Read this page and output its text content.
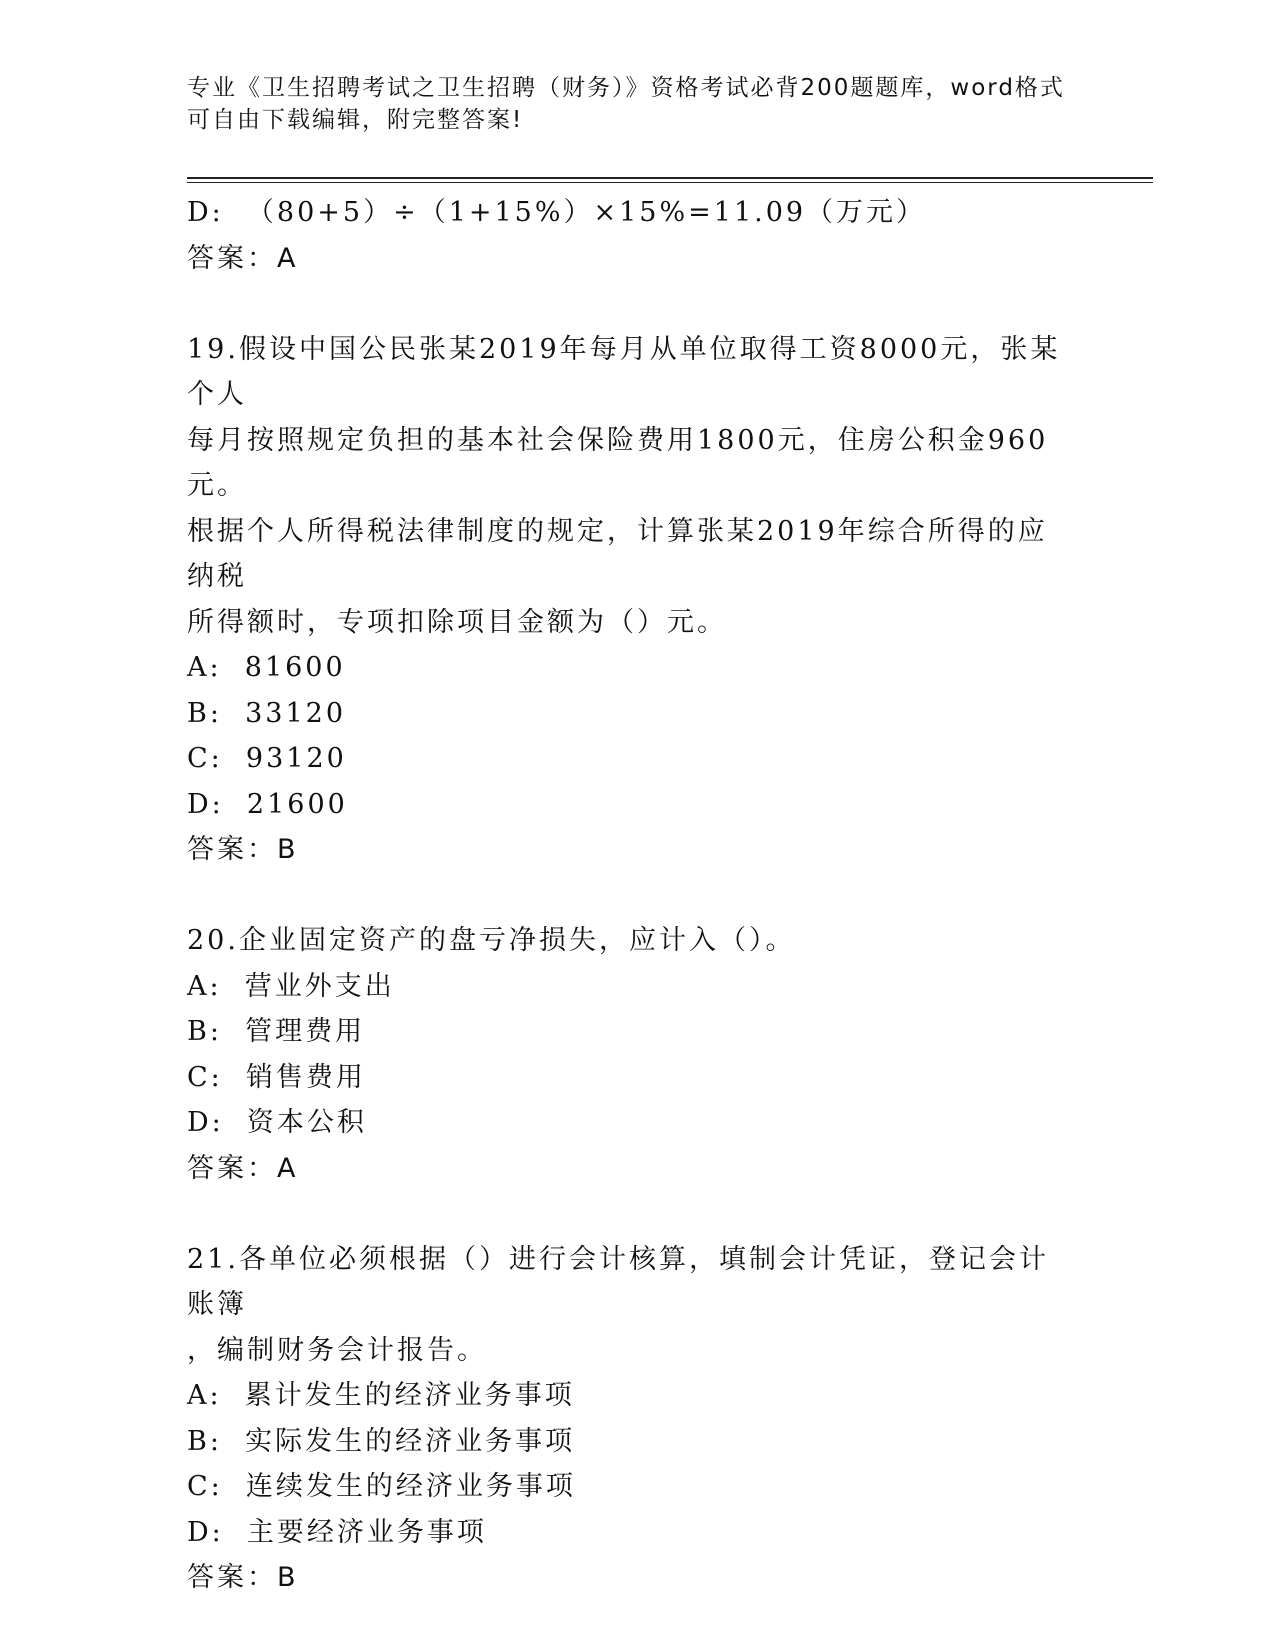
专业《卫生招聘考试之卫生招聘（财务）》资格考试必背200题题库，word格式
可自由下载编辑，附完整答案!
D:  （80+5）÷（1+15%）×15%=11.09（万元）
答案：A
19.假设中国公民张某2019年每月从单位取得工资8000元，张某个人
每月按照规定负担的基本社会保险费用1800元，住房公积金960元。
根据个人所得税法律制度的规定，计算张某2019年综合所得的应纳税
所得额时，专项扣除项目金额为（）元。
A:  81600
B:  33120
C:  93120
D:  21600
答案：B
20.企业固定资产的盘亏净损失，应计入（）。
A:  营业外支出
B:  管理费用
C:  销售费用
D:  资本公积
答案：A
21.各单位必须根据（）进行会计核算，填制会计凭证，登记会计账簿
，编制财务会计报告。
A:  累计发生的经济业务事项
B:  实际发生的经济业务事项
C:  连续发生的经济业务事项
D:  主要经济业务事项
答案：B
